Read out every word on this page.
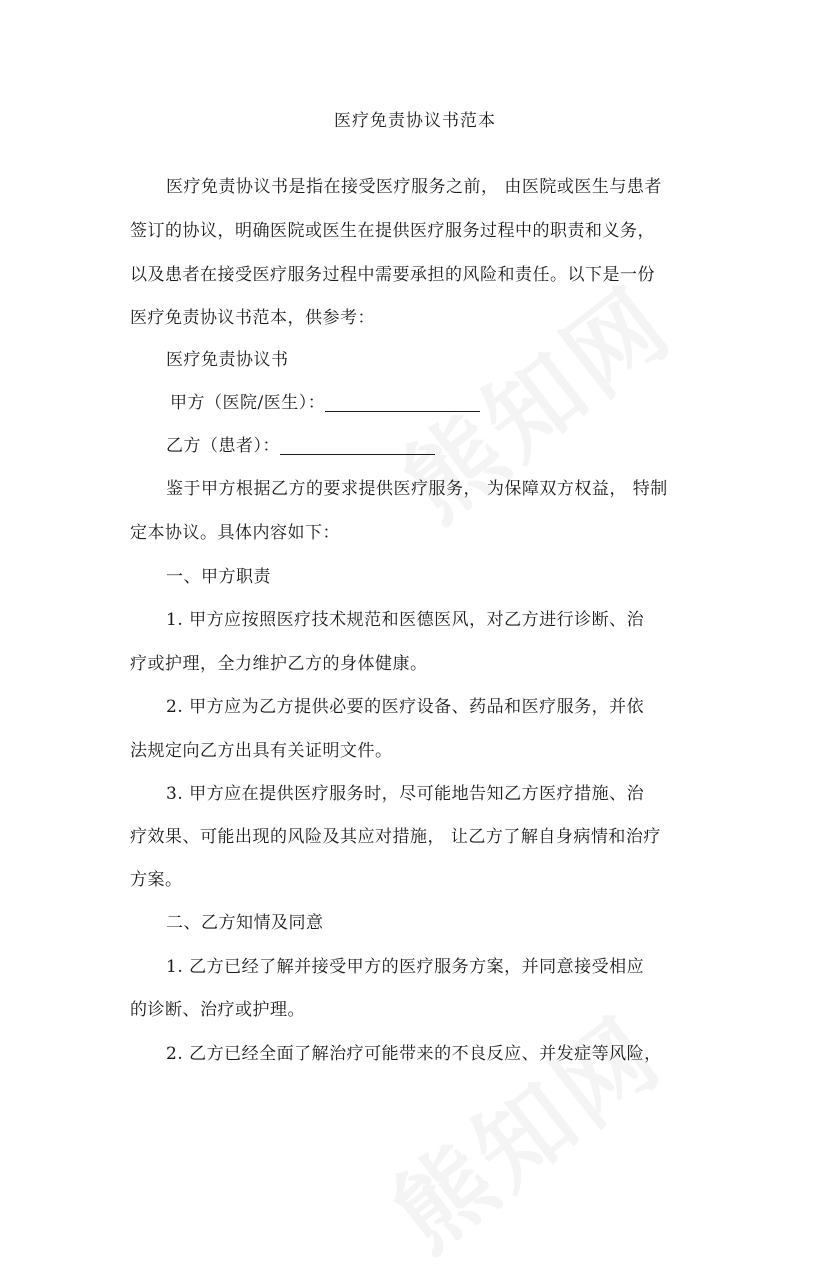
医疗免责协议书范本
医疗免责协议书是指在接受医疗服务之前， 由医院或医生与患者
签订的协议，明确医院或医生在提供医疗服务过程中的职责和义务，
以及患者在接受医疗服务过程中需要承担的风险和责任。以下是一份
医疗免责协议书范本，供参考：
医疗免责协议书
甲方（医院/医生）：
乙方（患者）：
鉴于甲方根据乙方的要求提供医疗服务， 为保障双方权益， 特制
定本协议。具体内容如下：
一、甲方职责
1. 甲方应按照医疗技术规范和医德医风，对乙方进行诊断、治
疗或护理，全力维护乙方的身体健康。
2. 甲方应为乙方提供必要的医疗设备、药品和医疗服务，并依
法规定向乙方出具有关证明文件。
3. 甲方应在提供医疗服务时，尽可能地告知乙方医疗措施、治
疗效果、可能出现的风险及其应对措施， 让乙方了解自身病情和治疗
方案。
二、乙方知情及同意
1. 乙方已经了解并接受甲方的医疗服务方案，并同意接受相应
的诊断、治疗或护理。
2. 乙方已经全面了解治疗可能带来的不良反应、并发症等风险，
